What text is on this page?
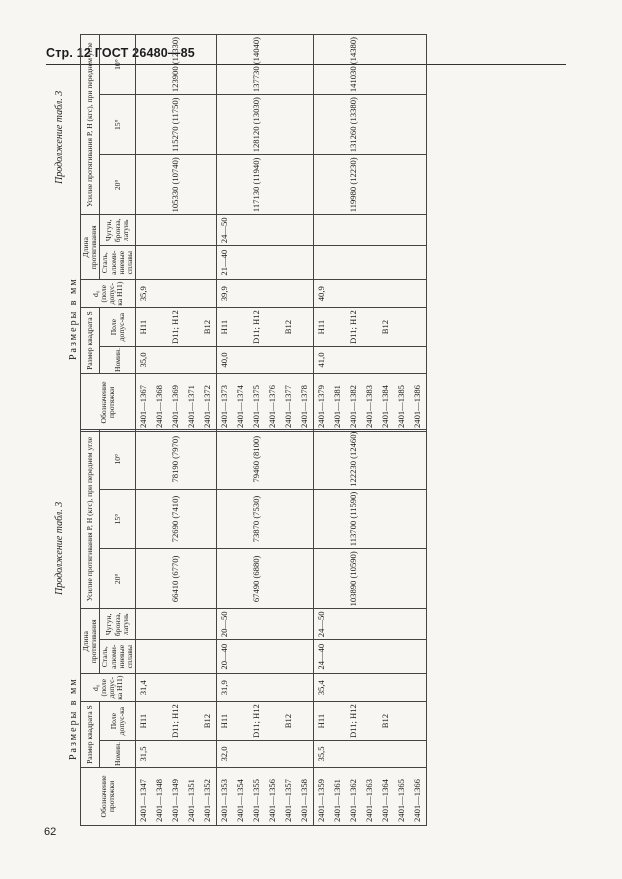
Стр. 12 ГОСТ 26480—85
62
Продолжение табл. 3
Размеры в мм
Обозначение протяжки	Размер квадрата S		d₀ (поле допус-ка H11)	Длина протягивания		Усилие протягивания P, H (кгс), при переднем угле		
	Номин.	Поле допус-ка		Сталь, алюми-ниевые сплавы	Чугун, бронза, латунь	20°	15°	10°
2401—1347	31,5	H11	31,4					
2401—1348								
2401—1349		D11; H12				66410 (6770)	72690 (7410)	78190 (7970)
2401—1351								
2401—1352		B12						
2401—1353	32,0	H11	31,9	20—40	20—50			
2401—1354								
2401—1355		D11; H12				67490 (6880)	73870 (7530)	79460 (8100)
2401—1356								
2401—1357		B12						
2401—1358								
2401—1359	35,5	H11	35,4	24—40	24—50			
2401—1361								
2401—1362		D11; H12				103890 (10590)	113700 (11590)	122230 (12460)
2401—1363								
2401—1364		B12						
2401—1365								
2401—1366								
Продолжение табл. 3
Размеры в мм
Обозначение протяжки	Размер квадрата S		d₀ (поле допус-ка H11)	Длина протягивания		Усилие протягивания P, H (кгс), при переднем угле		
	Номин.	Поле допус-ка		Сталь, алюми-ниевые сплавы	Чугун, бронза, латунь	20°	15°	10°
2401—1367	35,0	H11	35,9					
2401—1368								
2401—1369		D11; H12				105330 (10740)	115270 (11750)	123900 (12330)
2401—1371								
2401—1372		B12						
2401—1373	40,0	H11	39,9	21—40	24—50			
2401—1374								
2401—1375		D11; H12				117130 (11940)	128120 (13030)	137730 (14040)
2401—1376								
2401—1377		B12						
2401—1378								
2401—1379	41,0	H11	40,9					
2401—1381								
2401—1382		D11; H12				119980 (12230)	131260 (13380)	141030 (14380)
2401—1383								
2401—1384		B12						
2401—1385								
2401—1386								
